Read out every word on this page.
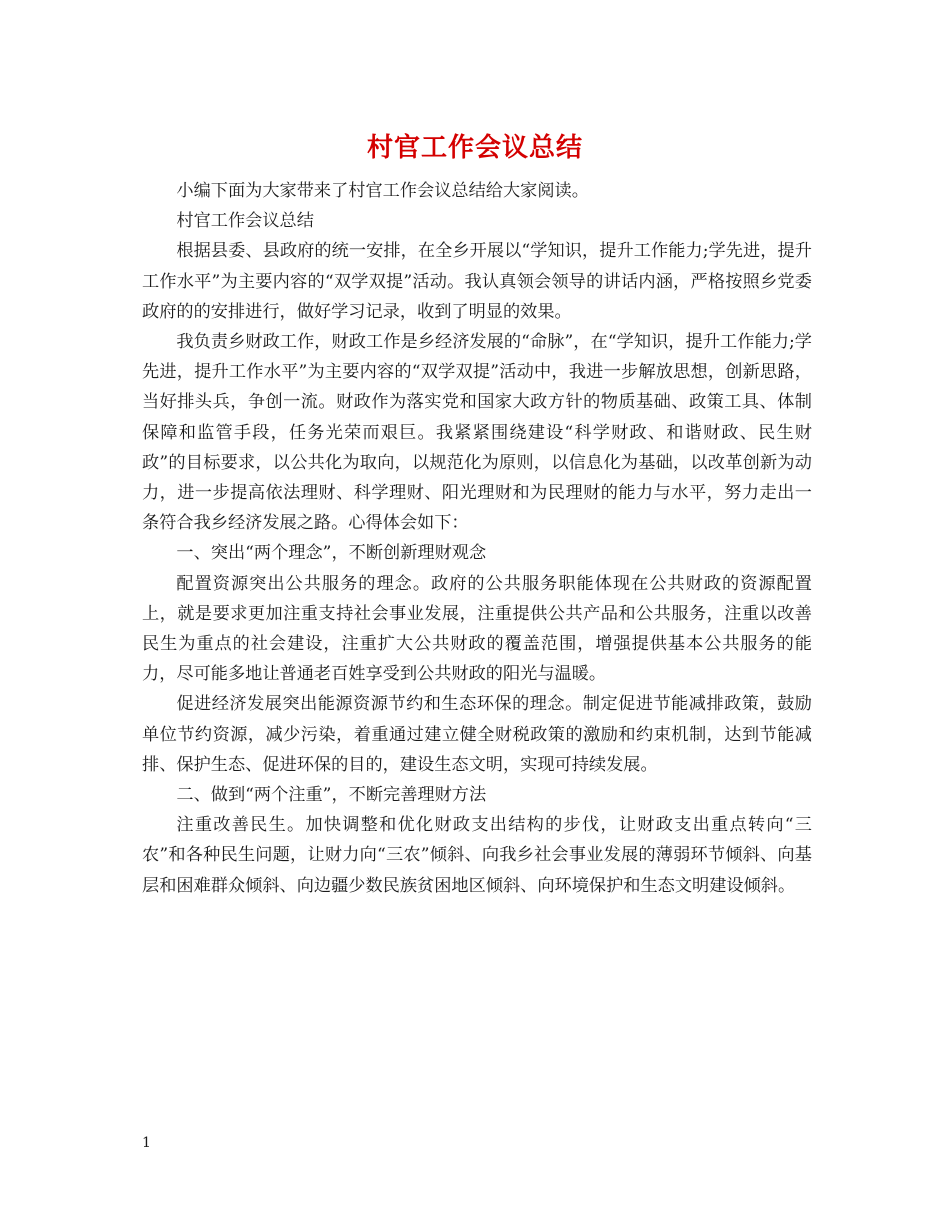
村官工作会议总结

小编下面为大家带来了村官工作会议总结给大家阅读。

村官工作会议总结

根据县委、县政府的统一安排，在全乡开展以“学知识，提升工作能力;学先进，提升工作水平”为主要内容的“双学双提”活动。我认真领会领导的讲话内涵，严格按照乡党委政府的的安排进行，做好学习记录，收到了明显的效果。

我负责乡财政工作，财政工作是乡经济发展的“命脉”，在“学知识，提升工作能力;学先进，提升工作水平”为主要内容的“双学双提”活动中，我进一步解放思想，创新思路，当好排头兵，争创一流。财政作为落实党和国家大政方针的物质基础、政策工具、体制保障和监管手段，任务光荣而艰巨。我紧紧围绕建设“科学财政、和谐财政、民生财政”的目标要求，以公共化为取向，以规范化为原则，以信息化为基础，以改革创新为动力，进一步提高依法理财、科学理财、阳光理财和为民理财的能力与水平，努力走出一条符合我乡经济发展之路。心得体会如下：

一、突出“两个理念”，不断创新理财观念

配置资源突出公共服务的理念。政府的公共服务职能体现在公共财政的资源配置上，就是要求更加注重支持社会事业发展，注重提供公共产品和公共服务，注重以改善民生为重点的社会建设，注重扩大公共财政的覆盖范围，增强提供基本公共服务的能力，尽可能多地让普通老百姓享受到公共财政的阳光与温暖。

促进经济发展突出能源资源节约和生态环保的理念。制定促进节能减排政策，鼓励单位节约资源，减少污染，着重通过建立健全财税政策的激励和约束机制，达到节能减排、保护生态、促进环保的目的，建设生态文明，实现可持续发展。

二、做到“两个注重”，不断完善理财方法

注重改善民生。加快调整和优化财政支出结构的步伐，让财政支出重点转向“三农”和各种民生问题，让财力向“三农”倾斜、向我乡社会事业发展的薄弱环节倾斜、向基层和困难群众倾斜、向边疆少数民族贫困地区倾斜、向环境保护和生态文明建设倾斜。

1
